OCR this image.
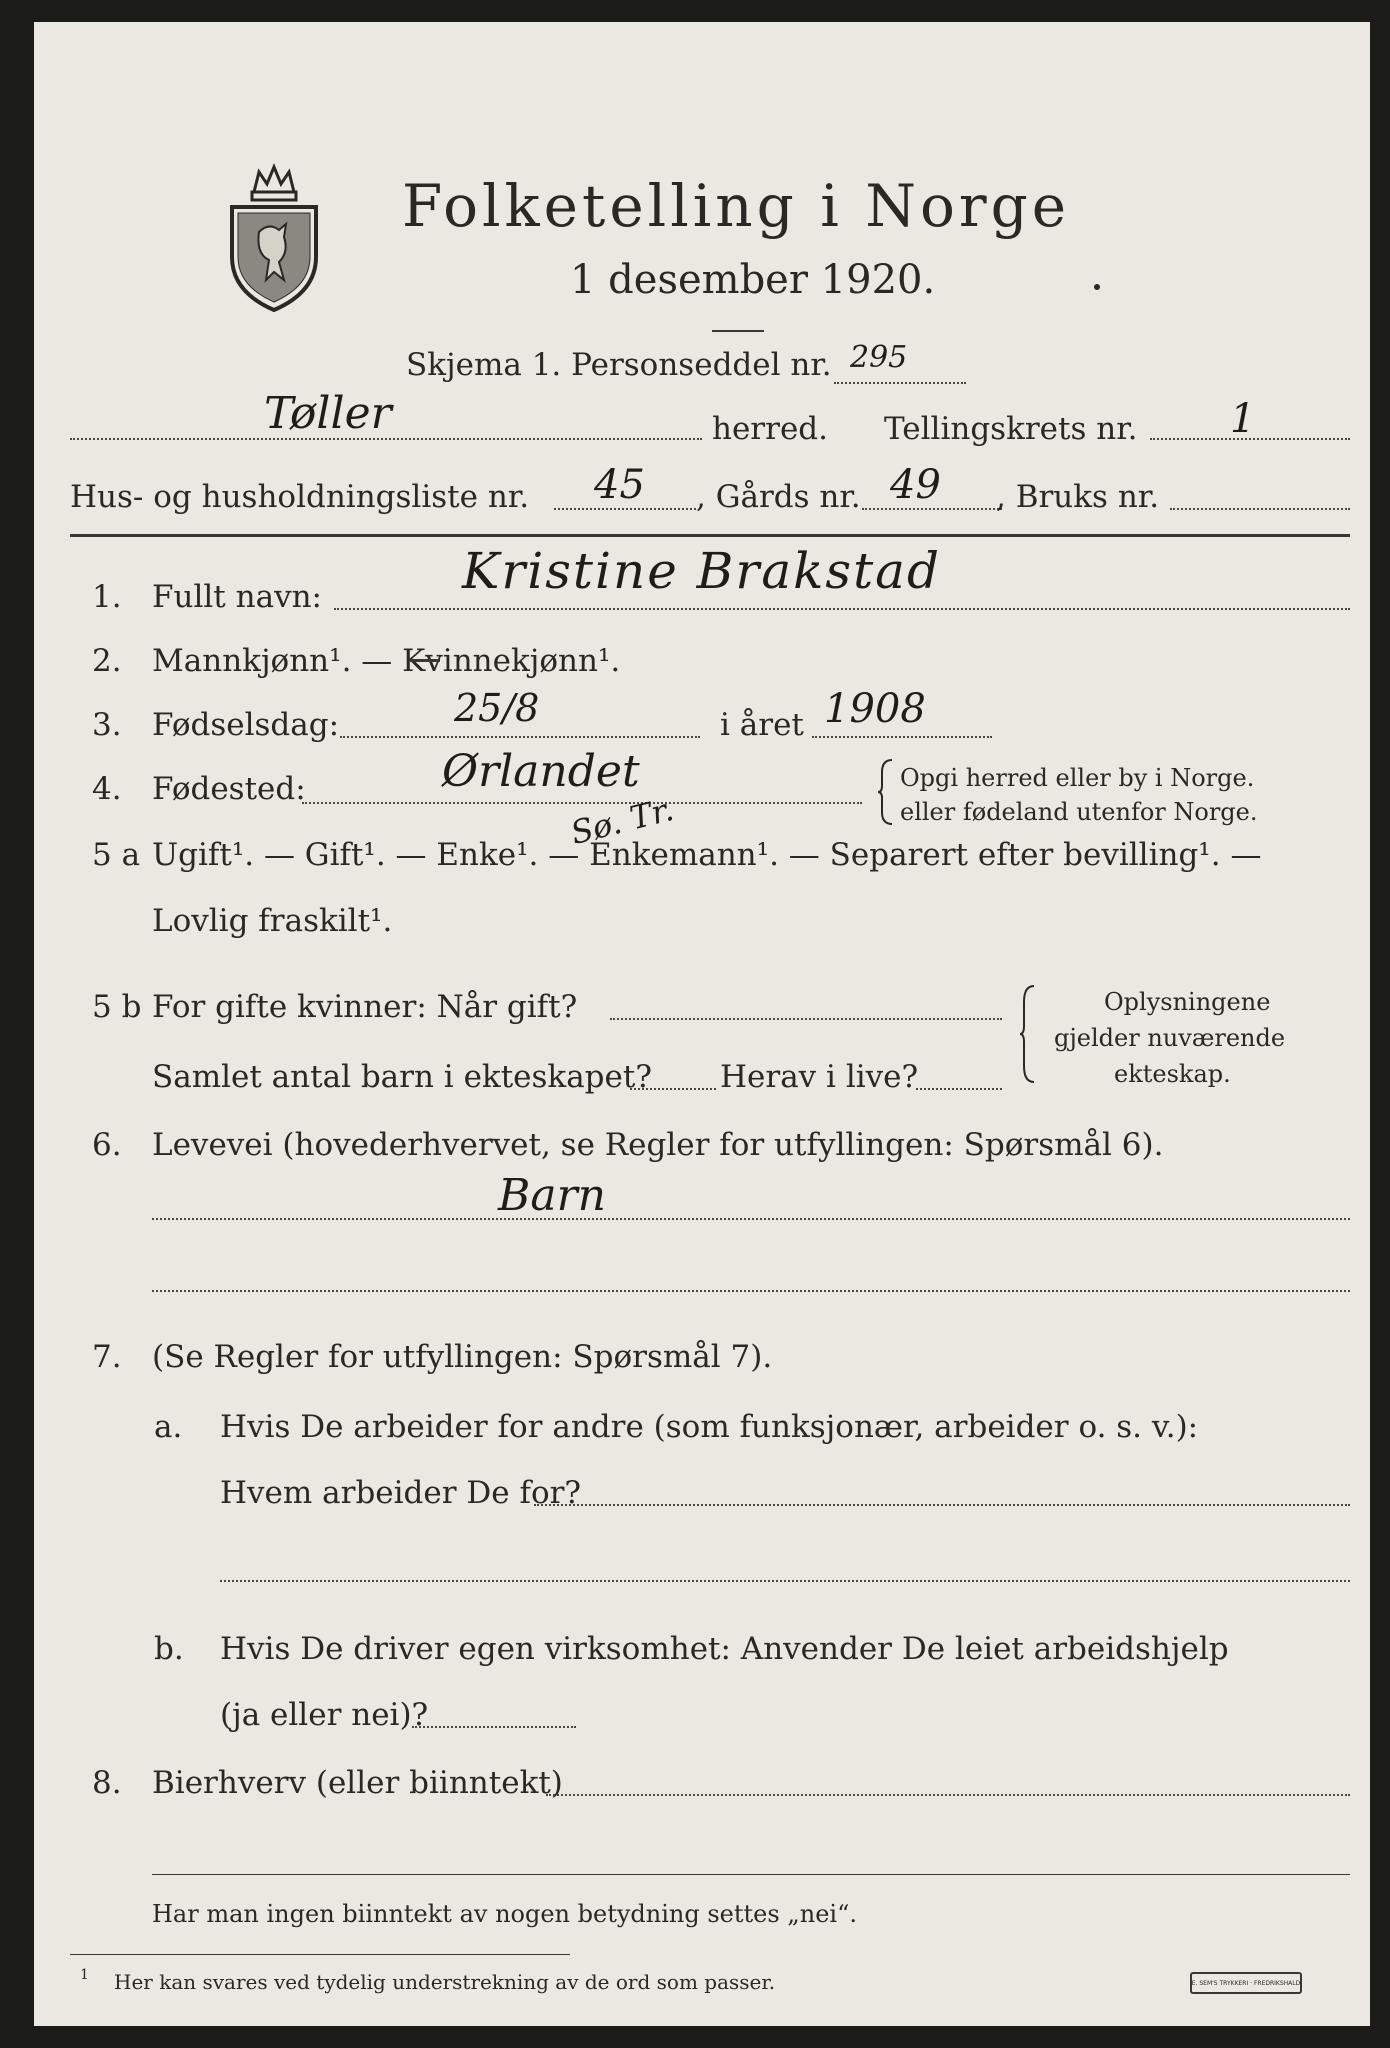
Folketelling i Norge
1 desember 1920.
Skjema 1. Personseddel nr. 295
Tøller	herred. Tellingskrets nr. 1
Hus- og husholdningsliste nr. 45 , Gårds nr. 49 , Bruks nr.
1. Fullt navn:	Kristine Brakstad
2. Mannkjønn¹. — Kvinnekjønn¹.
3. Fødselsdag:	25/8	i året 1908
4. Fødested:	Ørlandet	Opgi herred eller by i Norge.
eller fødeland utenfor Norge.
5 a Ugift¹. — Gift¹. — Enke¹. — Enkemann¹. — Separert efter bevilling¹. —
Sø. Tr.
Lovlig fraskilt¹.
5 b For gifte kvinner: Når gift?
Samlet antal barn i ekteskapet? Herav i live?
Oplysningene
gjelder nuværende
ekteskap.
6. Levevei (hovederhvervet, se Regler for utfyllingen: Spørsmål 6).
Barn
7. (Se Regler for utfyllingen: Spørsmål 7).
a. Hvis De arbeider for andre (som funksjonær, arbeider o. s. v.):
Hvem arbeider De for?
b. Hvis De driver egen virksomhet: Anvender De leiet arbeidshjelp
(ja eller nei)?
8. Bierhverv (eller biinntekt)
Har man ingen biinntekt av nogen betydning settes „nei“.
1 Her kan svares ved tydelig understrekning av de ord som passer.	E. SEM'S TRYKKERI · FREDRIKSHALD
